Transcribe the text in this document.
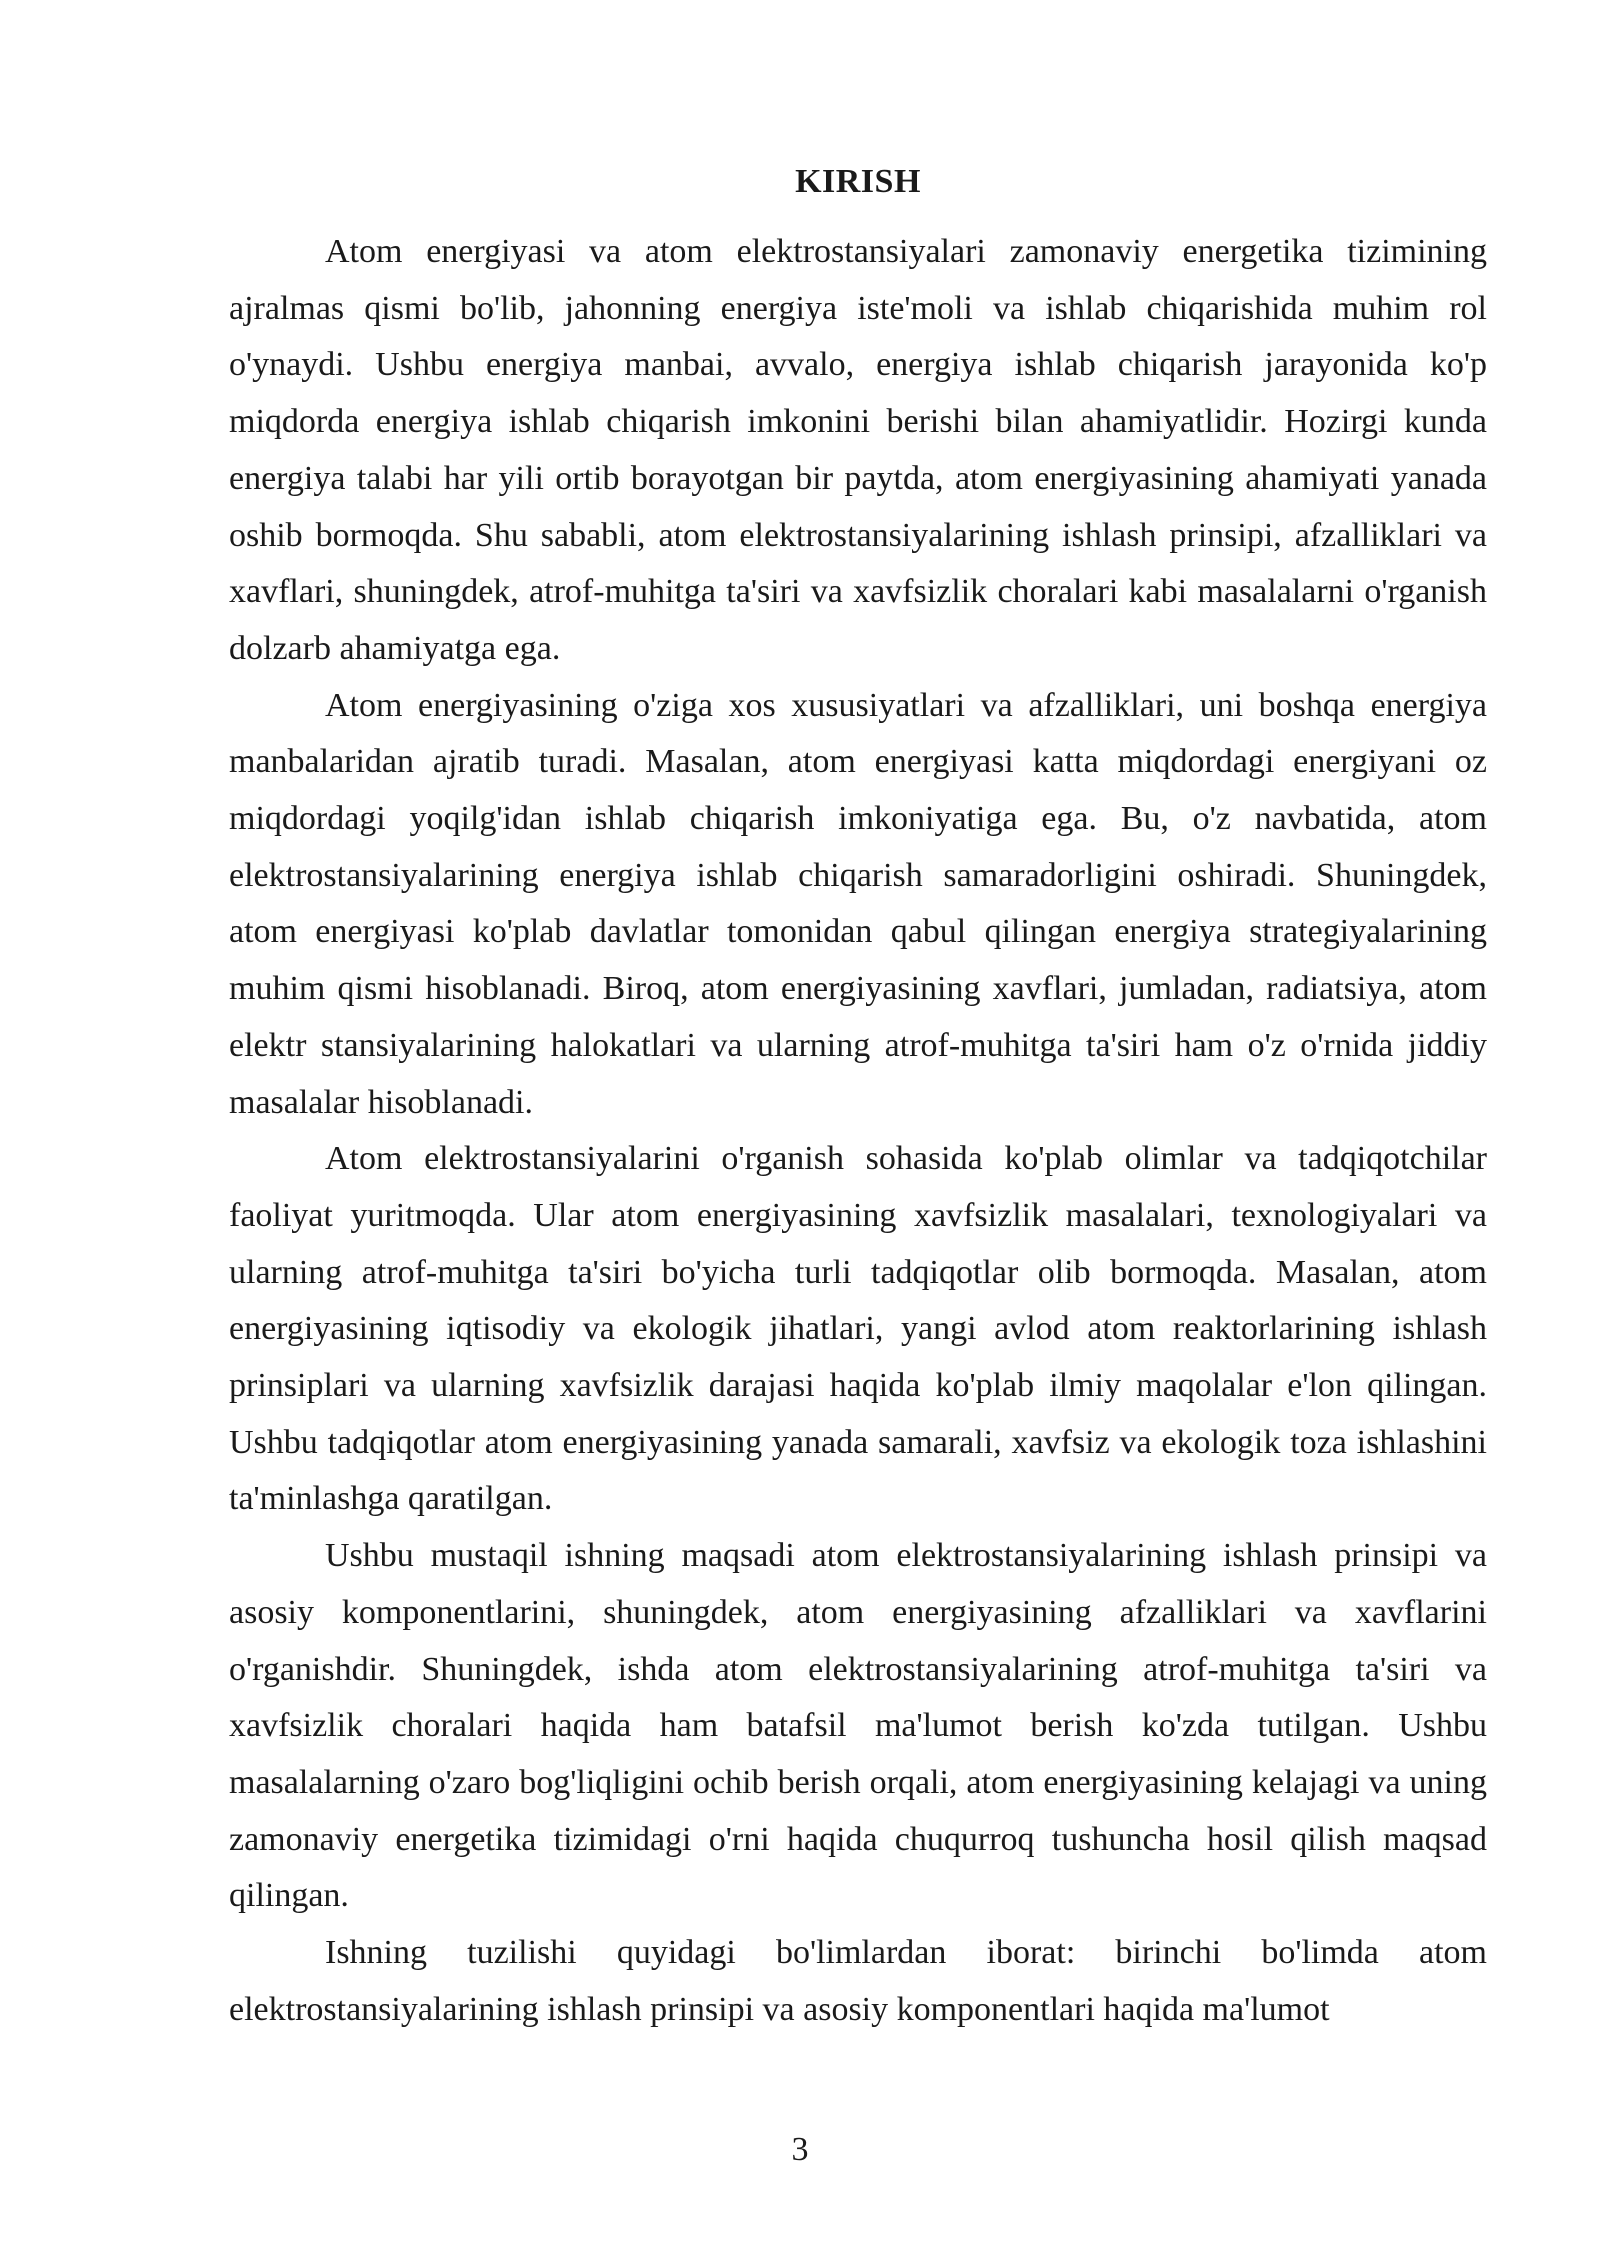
KIRISH

Atom energiyasi va atom elektrostansiyalari zamonaviy energetika tizimining ajralmas qismi bo'lib, jahonning energiya iste'moli va ishlab chiqarishida muhim rol o'ynaydi. Ushbu energiya manbai, avvalo, energiya ishlab chiqarish jarayonida ko'p miqdorda energiya ishlab chiqarish imkonini berishi bilan ahamiyatlidir. Hozirgi kunda energiya talabi har yili ortib borayotgan bir paytda, atom energiyasining ahamiyati yanada oshib bormoqda. Shu sababli, atom elektrostansiyalarining ishlash prinsipi, afzalliklari va xavflari, shuningdek, atrof-muhitga ta'siri va xavfsizlik choralari kabi masalalarni o'rganish dolzarb ahamiyatga ega.

Atom energiyasining o'ziga xos xususiyatlari va afzalliklari, uni boshqa energiya manbalaridan ajratib turadi. Masalan, atom energiyasi katta miqdordagi energiyani oz miqdordagi yoqilg'idan ishlab chiqarish imkoniyatiga ega. Bu, o'z navbatida, atom elektrostansiyalarining energiya ishlab chiqarish samaradorligini oshiradi. Shuningdek, atom energiyasi ko'plab davlatlar tomonidan qabul qilingan energiya strategiyalarining muhim qismi hisoblanadi. Biroq, atom energiyasining xavflari, jumladan, radiatsiya, atom elektr stansiyalarining halokatlari va ularning atrof-muhitga ta'siri ham o'z o'rnida jiddiy masalalar hisoblanadi.

Atom elektrostansiyalarini o'rganish sohasida ko'plab olimlar va tadqiqotchilar faoliyat yuritmoqda. Ular atom energiyasining xavfsizlik masalalari, texnologiyalari va ularning atrof-muhitga ta'siri bo'yicha turli tadqiqotlar olib bormoqda. Masalan, atom energiyasining iqtisodiy va ekologik jihatlari, yangi avlod atom reaktorlarining ishlash prinsiplari va ularning xavfsizlik darajasi haqida ko'plab ilmiy maqolalar e'lon qilingan. Ushbu tadqiqotlar atom energiyasining yanada samarali, xavfsiz va ekologik toza ishlashini ta'minlashga qaratilgan.

Ushbu mustaqil ishning maqsadi atom elektrostansiyalarining ishlash prinsipi va asosiy komponentlarini, shuningdek, atom energiyasining afzalliklari va xavflarini o'rganishdir. Shuningdek, ishda atom elektrostansiyalarining atrof-muhitga ta'siri va xavfsizlik choralari haqida ham batafsil ma'lumot berish ko'zda tutilgan. Ushbu masalalarning o'zaro bog'liqligini ochib berish orqali, atom energiyasining kelajagi va uning zamonaviy energetika tizimidagi o'rni haqida chuqurroq tushuncha hosil qilish maqsad qilingan.

Ishning tuzilishi quyidagi bo'limlardan iborat: birinchi bo'limda atom elektrostansiyalarining ishlash prinsipi va asosiy komponentlari haqida ma'lumot

3
